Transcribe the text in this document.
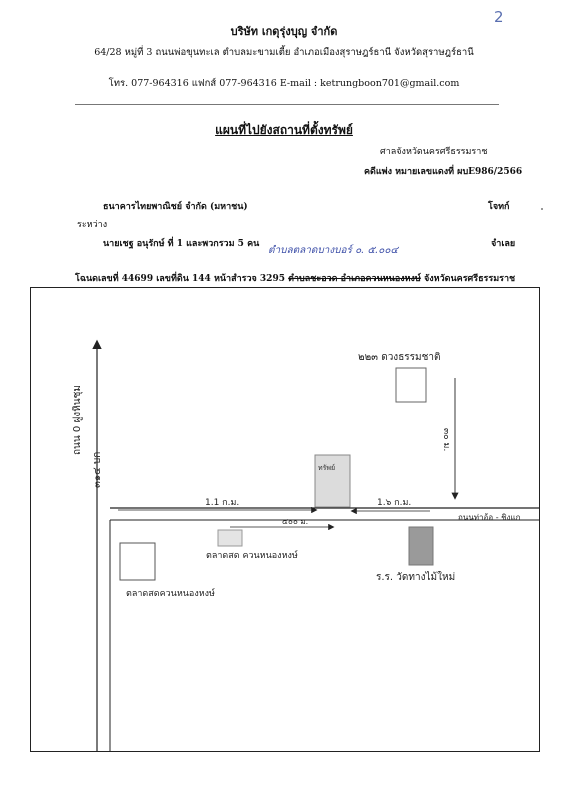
2
บริษัท เกดุรุ่งบุญ จำกัด
64/28 หมู่ที่ 3 ถนนพ่อขุนทะเล ตำบลมะขามเตี้ย อำเภอเมืองสุราษฎร์ธานี จังหวัดสุราษฎร์ธานี
โทร. 077-964316 แฟกส์ 077-964316 E-mail : ketrungboon701@gmail.com
แผนที่ไปยังสถานที่ตั้งทรัพย์
ศาลจังหวัดนครศรีธรรมราช
คดีแพ่ง หมายเลขแดงที่ ผบE986/2566
ธนาคารไทยพาณิชย์ จำกัด (มหาชน)	โจทก์
ระหว่าง
นายเชฐ อนุรักษ์ ที่ 1 และพวกรวม 5 คน	จำเลย
ตำบลตลาดบางบอร์ ๐. ๕.๐๐๔
โฉนดเลขที่ 44699 เลขที่ดิน 144 หน้าสำรวจ 3295 ตำบลชะอวด อำเภอควนหนองหงษ์ จังหวัดนครศรีธรรมราช
ถนน 0 ฝูงหินชุม
๓๑๔ บก
๒๒๓ ดวงธรรมชาติ
๓๐ ม.
1.1 ก.ม.	1.๖ ก.ม.
๕๐๐ ม.	ถนนท่าอ้อ - ชิงแก
ทรัพย์
ตลาดสด ควนหนองหงษ์
ร.ร. วัดทางไม้ใหม่
ตลาดสดควนหนองหงษ์
